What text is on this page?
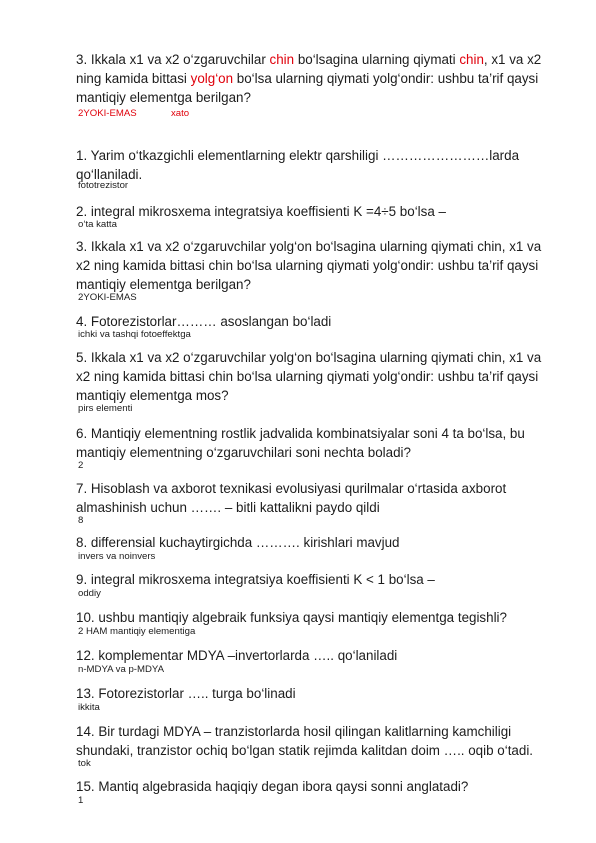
3. Ikkala x1 va x2 o‘zgaruvchilar chin bo‘lsagina ularning qiymati chin, x1 va x2 ning kamida bittasi yolg‘on bo‘lsa ularning qiymati yolg‘ondir: ushbu ta’rif qaysi mantiqiy elementga berilgan?
2YOKI-EMAS	xato
1. Yarim o‘tkazgichli elementlarning elektr qarshiligi ……………………larda qo‘llaniladi.
fototrezistor
2. integral mikrosxema integratsiya koeffisienti K =4÷5 bo‘lsa –
o‘ta katta
3. Ikkala x1 va x2 o‘zgaruvchilar yolg‘on bo‘lsagina ularning qiymati chin, x1 va x2 ning kamida bittasi chin bo‘lsa ularning qiymati yolg‘ondir: ushbu ta’rif qaysi mantiqiy elementga berilgan?
2YOKI-EMAS
4. Fotorezistorlar……… asoslangan bo‘ladi
ichki va tashqi fotoeffektga
5. Ikkala x1 va x2 o‘zgaruvchilar yolg‘on bo‘lsagina ularning qiymati chin, x1 va x2 ning kamida bittasi chin bo‘lsa ularning qiymati yolg‘ondir: ushbu ta’rif qaysi mantiqiy elementga mos?
pirs elementi
6. Mantiqiy elementning rostlik jadvalida kombinatsiyalar soni 4 ta bo‘lsa, bu mantiqiy elementning o‘zgaruvchilari soni nechta boladi?
2
7. Hisoblash va axborot texnikasi evolusiyasi qurilmalar o‘rtasida axborot almashinish uchun ……. – bitli kattalikni paydo qildi
8
8. differensial kuchaytirgichda ………. kirishlari mavjud
invers va noinvers
9. integral mikrosxema integratsiya koeffisienti K < 1 bo‘lsa –
oddiy
10. ushbu mantiqiy algebraik funksiya qaysi mantiqiy elementga tegishli?
2 HAM mantiqiy elementiga
12. komplementar MDYA –invertorlarda ….. qo‘laniladi
n-MDYA va p-MDYA
13. Fotorezistorlar ….. turga bo‘linadi
ikkita
14. Bir turdagi MDYA – tranzistorlarda hosil qilingan kalitlarning kamchiligi shundaki, tranzistor ochiq bo‘lgan statik rejimda kalitdan doim ….. oqib o‘tadi.
tok
15. Mantiq algebrasida haqiqiy degan ibora qaysi sonni anglatadi?
1
